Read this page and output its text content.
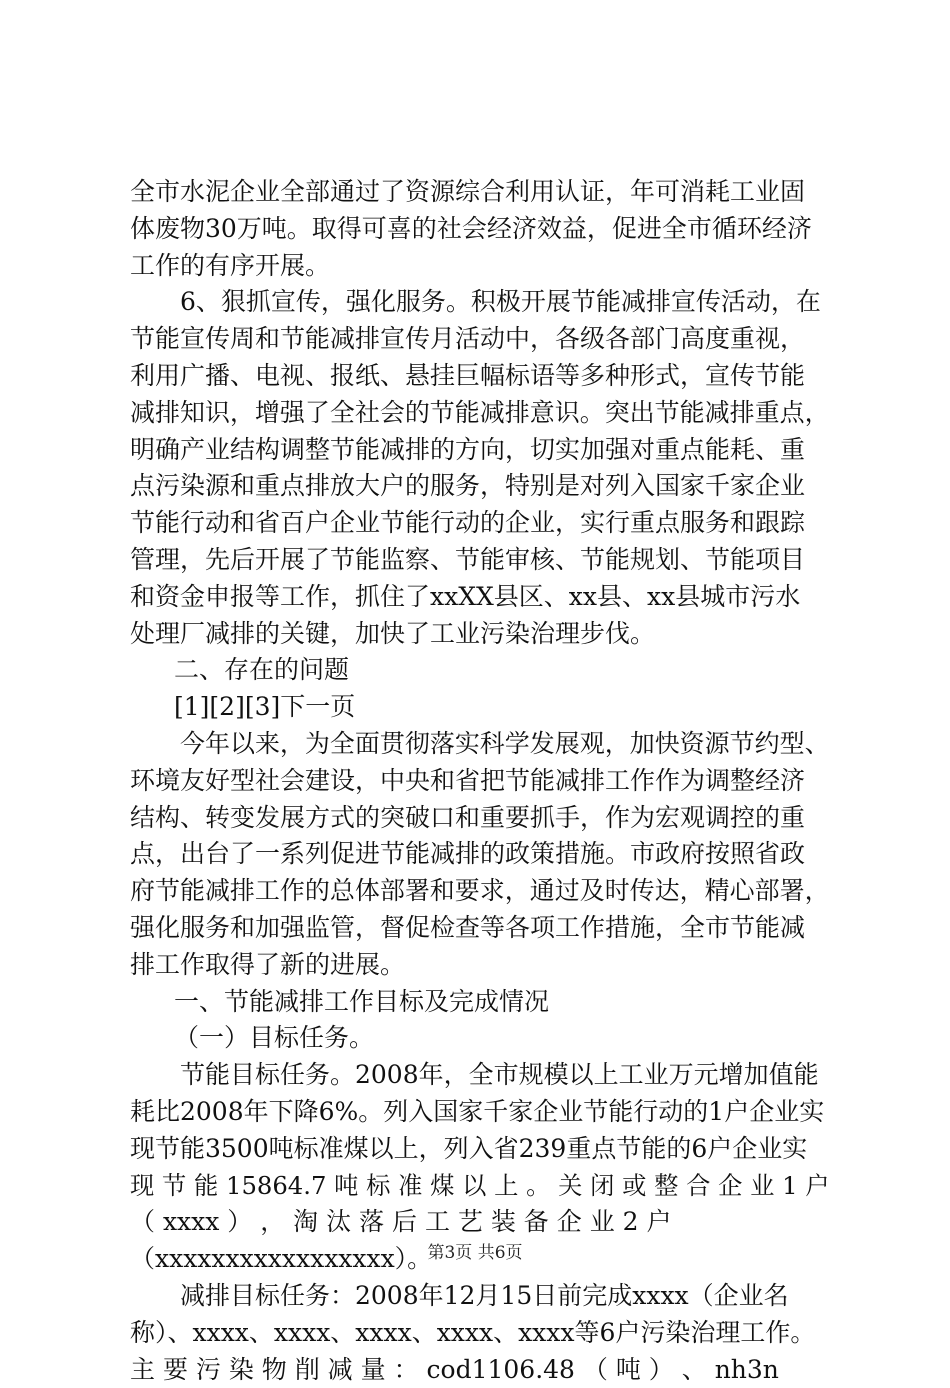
全市水泥企业全部通过了资源综合利用认证，年可消耗工业固
体废物30万吨。取得可喜的社会经济效益，促进全市循环经济
工作的有序开展。
6、狠抓宣传，强化服务。积极开展节能减排宣传活动，在
节能宣传周和节能减排宣传月活动中，各级各部门高度重视，
利用广播、电视、报纸、悬挂巨幅标语等多种形式，宣传节能
减排知识，增强了全社会的节能减排意识。突出节能减排重点，
明确产业结构调整节能减排的方向，切实加强对重点能耗、重
点污染源和重点排放大户的服务，特别是对列入国家千家企业
节能行动和省百户企业节能行动的企业，实行重点服务和跟踪
管理，先后开展了节能监察、节能审核、节能规划、节能项目
和资金申报等工作，抓住了xxXX县区、xx县、xx县城市污水
处理厂减排的关键，加快了工业污染治理步伐。
二、存在的问题
[1][2][3]下一页
今年以来，为全面贯彻落实科学发展观，加快资源节约型、
环境友好型社会建设，中央和省把节能减排工作作为调整经济
结构、转变发展方式的突破口和重要抓手，作为宏观调控的重
点，出台了一系列促进节能减排的政策措施。市政府按照省政
府节能减排工作的总体部署和要求，通过及时传达，精心部署，
强化服务和加强监管，督促检查等各项工作措施，全市节能减
排工作取得了新的进展。
一、节能减排工作目标及完成情况
（一）目标任务。
节能目标任务。2008年，全市规模以上工业万元增加值能
耗比2008年下降6%。列入国家千家企业节能行动的1户企业实
现节能3500吨标准煤以上，列入省239重点节能的6户企业实
现 节 能 15864.7 吨 标 准 煤 以 上 。 关 闭 或 整 合 企 业 1 户
（ xxxx ） ， 淘 汰 落 后 工 艺 装 备 企 业 2 户
（xxxxxxxxxxxxxxxxx）。
减排目标任务：2008年12月15日前完成xxxx（企业名
称）、xxxx、xxxx、xxxx、xxxx、xxxx等6户污染治理工作。
主 要 污 染 物 削 减 量 ： cod1106.48 （ 吨 ） 、 nh3n
第3页 共6页
